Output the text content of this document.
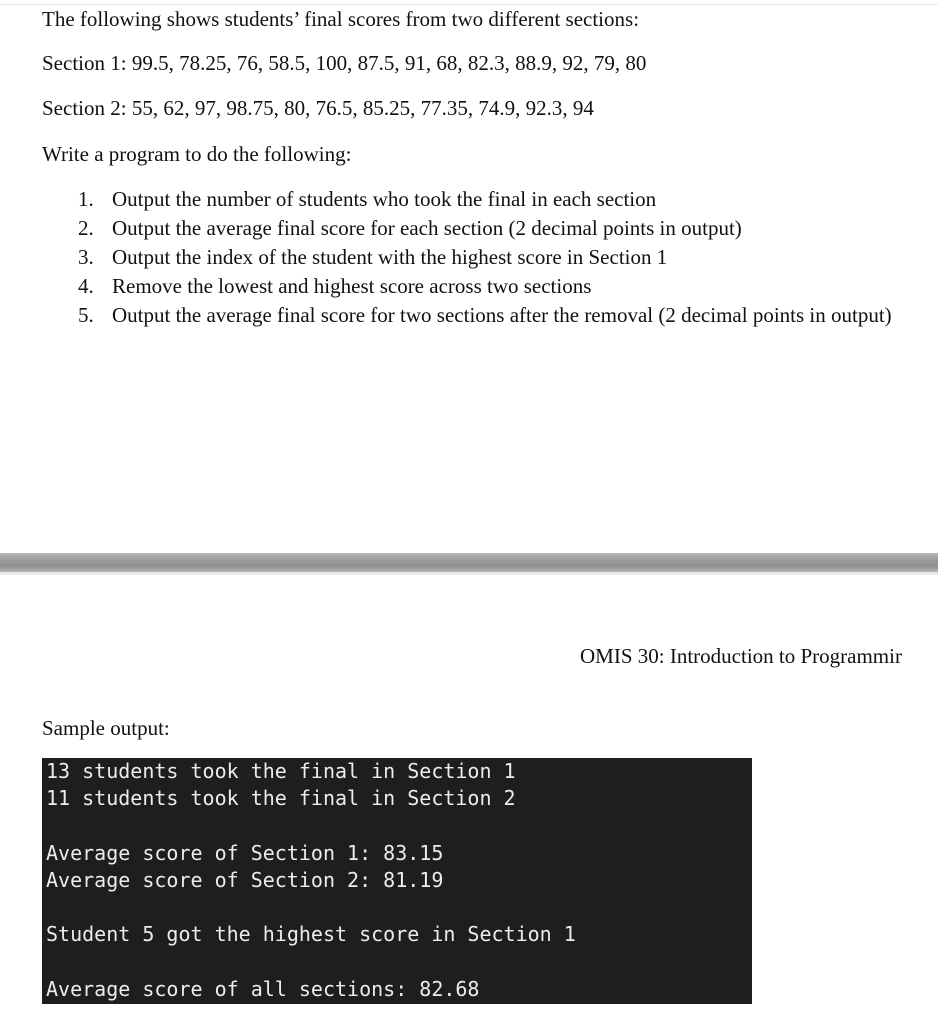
The following shows students’ final scores from two different sections:
Section 1: 99.5, 78.25, 76, 58.5, 100, 87.5, 91, 68, 82.3, 88.9, 92, 79, 80
Section 2: 55, 62, 97, 98.75, 80, 76.5, 85.25, 77.35, 74.9, 92.3, 94
Write a program to do the following:
1. Output the number of students who took the final in each section
2. Output the average final score for each section (2 decimal points in output)
3. Output the index of the student with the highest score in Section 1
4. Remove the lowest and highest score across two sections
5. Output the average final score for two sections after the removal (2 decimal points in output)
OMIS 30: Introduction to Programmir
Sample output:
13 students took the final in Section 1
11 students took the final in Section 2
Average score of Section 1: 83.15
Average score of Section 2: 81.19
Student 5 got the highest score in Section 1
Average score of all sections: 82.68
